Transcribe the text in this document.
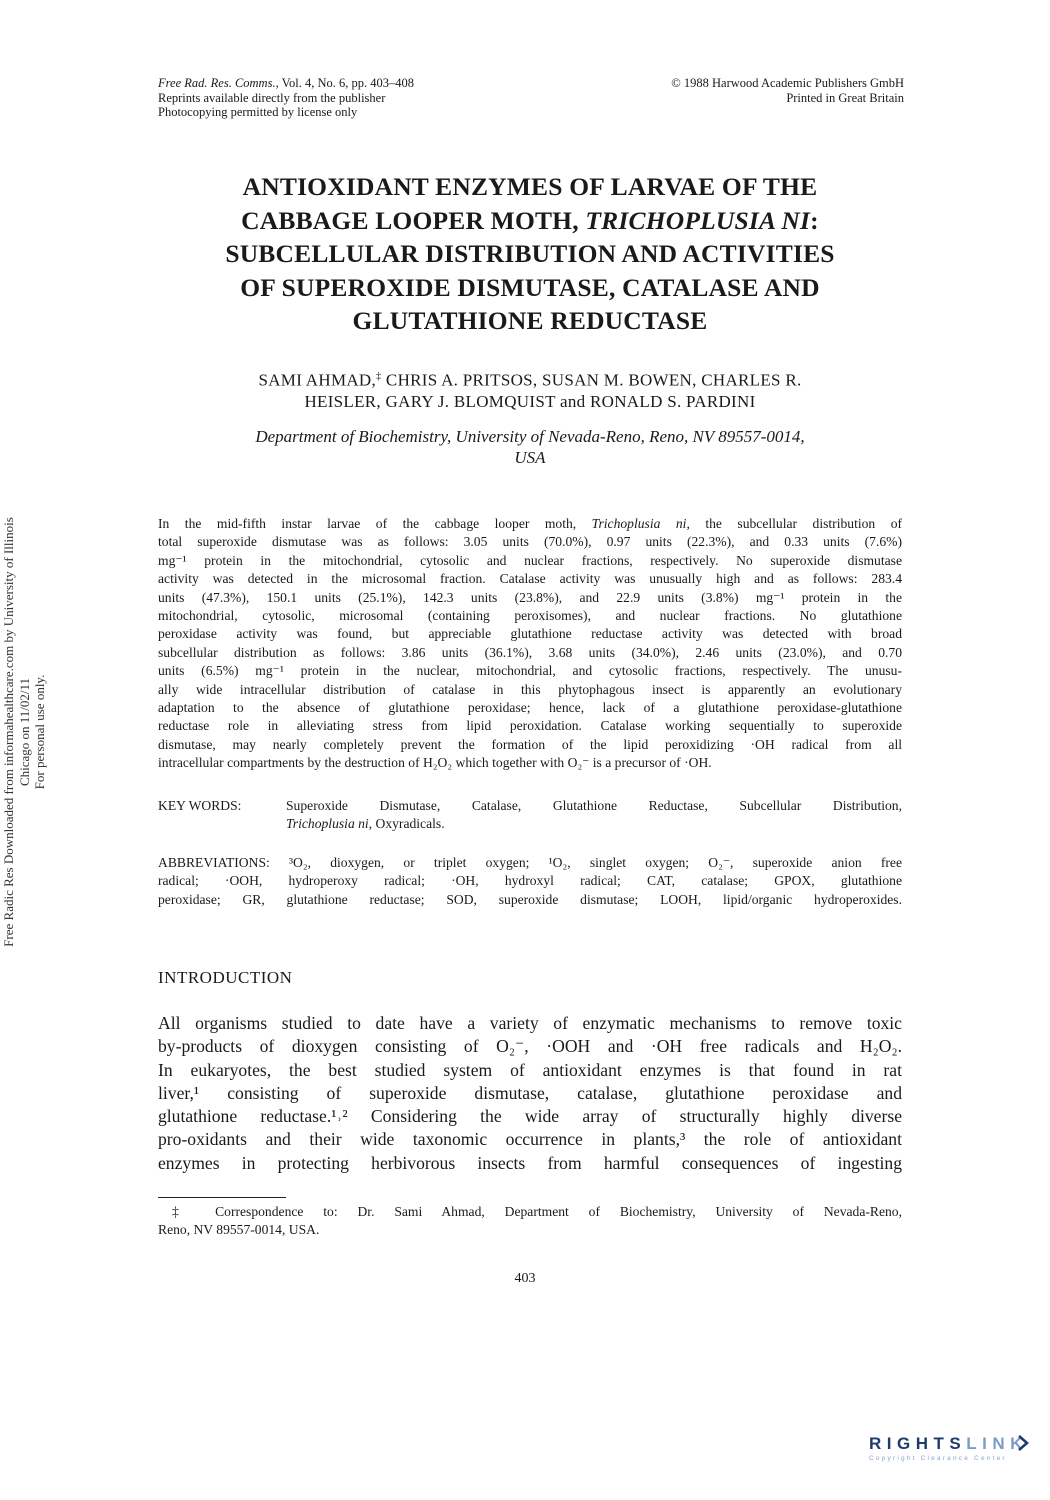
Free Rad. Res. Comms., Vol. 4, No. 6, pp. 403–408
Reprints available directly from the publisher
Photocopying permitted by license only
© 1988 Harwood Academic Publishers GmbH
Printed in Great Britain
ANTIOXIDANT ENZYMES OF LARVAE OF THE
CABBAGE LOOPER MOTH, TRICHOPLUSIA NI:
SUBCELLULAR DISTRIBUTION AND ACTIVITIES
OF SUPEROXIDE DISMUTASE, CATALASE AND
GLUTATHIONE REDUCTASE
SAMI AHMAD,‡ CHRIS A. PRITSOS, SUSAN M. BOWEN, CHARLES R.
HEISLER, GARY J. BLOMQUIST and RONALD S. PARDINI
Department of Biochemistry, University of Nevada-Reno, Reno, NV 89557-0014,
USA
In the mid-fifth instar larvae of the cabbage looper moth, Trichoplusia ni, the subcellular distribution of
total superoxide dismutase was as follows: 3.05 units (70.0%), 0.97 units (22.3%), and 0.33 units (7.6%)
mg⁻¹ protein in the mitochondrial, cytosolic and nuclear fractions, respectively. No superoxide dismutase
activity was detected in the microsomal fraction. Catalase activity was unusually high and as follows: 283.4
units (47.3%), 150.1 units (25.1%), 142.3 units (23.8%), and 22.9 units (3.8%) mg⁻¹ protein in the
mitochondrial, cytosolic, microsomal (containing peroxisomes), and nuclear fractions. No glutathione
peroxidase activity was found, but appreciable glutathione reductase activity was detected with broad
subcellular distribution as follows: 3.86 units (36.1%), 3.68 units (34.0%), 2.46 units (23.0%), and 0.70
units (6.5%) mg⁻¹ protein in the nuclear, mitochondrial, and cytosolic fractions, respectively. The unusu-
ally wide intracellular distribution of catalase in this phytophagous insect is apparently an evolutionary
adaptation to the absence of glutathione peroxidase; hence, lack of a glutathione peroxidase-glutathione
reductase role in alleviating stress from lipid peroxidation. Catalase working sequentially to superoxide
dismutase, may nearly completely prevent the formation of the lipid peroxidizing ·OH radical from all
intracellular compartments by the destruction of H₂O₂ which together with O₂⁻ is a precursor of ·OH.
KEY WORDS:	Superoxide Dismutase, Catalase, Glutathione Reductase, Subcellular Distribution,
Trichoplusia ni, Oxyradicals.
ABBREVIATIONS: ³O₂, dioxygen, or triplet oxygen; ¹O₂, singlet oxygen; O₂⁻, superoxide anion free
radical; ·OOH, hydroperoxy radical; ·OH, hydroxyl radical; CAT, catalase; GPOX, glutathione
peroxidase; GR, glutathione reductase; SOD, superoxide dismutase; LOOH, lipid/organic hydroperoxides.
INTRODUCTION
All organisms studied to date have a variety of enzymatic mechanisms to remove toxic
by-products of dioxygen consisting of O₂⁻, ·OOH and ·OH free radicals and H₂O₂.
In eukaryotes, the best studied system of antioxidant enzymes is that found in rat
liver,¹ consisting of superoxide dismutase, catalase, glutathione peroxidase and
glutathione reductase.¹˒² Considering the wide array of structurally highly diverse
pro-oxidants and their wide taxonomic occurrence in plants,³ the role of antioxidant
enzymes in protecting herbivorous insects from harmful consequences of ingesting
‡ Correspondence to: Dr. Sami Ahmad, Department of Biochemistry, University of Nevada-Reno,
Reno, NV 89557-0014, USA.
403
Free Radic Res Downloaded from informahealthcare.com by University of Illinois Chicago on 11/02/11 For personal use only.
RIGHTSLINK
Copyright Clearance Center
